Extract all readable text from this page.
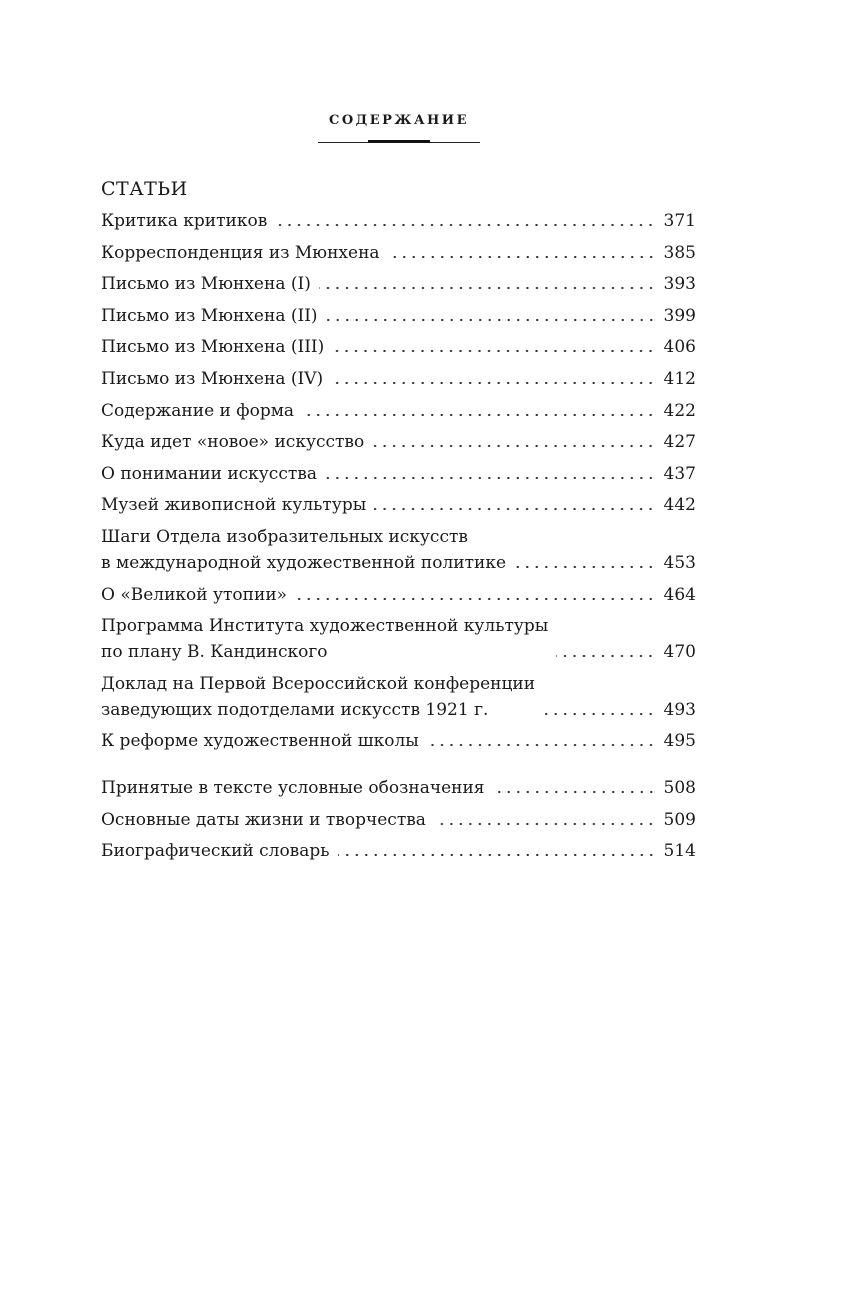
СОДЕРЖАНИЕ
СТАТЬИ
Критика критиков	371
Корреспонденция из Мюнхена	385
Письмо из Мюнхена (I)	393
Письмо из Мюнхена (II)	399
Письмо из Мюнхена (III)	406
Письмо из Мюнхена (IV)	412
Содержание и форма	422
Куда идет «новое» искусство	427
О понимании искусства	437
Музей живописной культуры	442
Шаги Отдела изобразительных искусств
в международной художественной политике	453
О «Великой утопии»	464
Программа Института художественной культуры
по плану В. Кандинского	470
Доклад на Первой Всероссийской конференции
заведующих подотделами искусств 1921 г.	493
К реформе художественной школы	495
Принятые в тексте условные обозначения	508
Основные даты жизни и творчества	509
Биографический словарь	514
